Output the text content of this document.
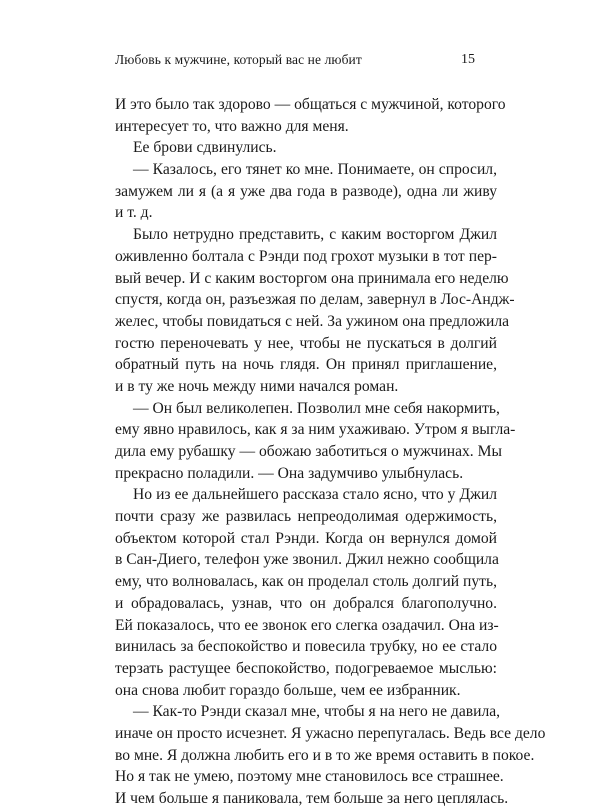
Любовь к мужчине, который вас не любит	15
И это было так здорово — общаться с мужчиной, которого
интересует то, что важно для меня.
Ее брови сдвинулись.
— Казалось, его тянет ко мне. Понимаете, он спросил,
замужем ли я (а я уже два года в разводе), одна ли живу
и т. д.
Было нетрудно представить, с каким восторгом Джил
оживленно болтала с Рэнди под грохот музыки в тот пер-
вый вечер. И с каким восторгом она принимала его неделю
спустя, когда он, разъезжая по делам, завернул в Лос-Андж-
желес, чтобы повидаться с ней. За ужином она предложила
гостю переночевать у нее, чтобы не пускаться в долгий
обратный путь на ночь глядя. Он принял приглашение,
и в ту же ночь между ними начался роман.
— Он был великолепен. Позволил мне себя накормить,
ему явно нравилось, как я за ним ухаживаю. Утром я выгла-
дила ему рубашку — обожаю заботиться о мужчинах. Мы
прекрасно поладили. — Она задумчиво улыбнулась.
Но из ее дальнейшего рассказа стало ясно, что у Джил
почти сразу же развилась непреодолимая одержимость,
объектом которой стал Рэнди. Когда он вернулся домой
в Сан-Диего, телефон уже звонил. Джил нежно сообщила
ему, что волновалась, как он проделал столь долгий путь,
и обрадовалась, узнав, что он добрался благополучно.
Ей показалось, что ее звонок его слегка озадачил. Она из-
винилась за беспокойство и повесила трубку, но ее стало
терзать растущее беспокойство, подогреваемое мыслью:
она снова любит гораздо больше, чем ее избранник.
— Как-то Рэнди сказал мне, чтобы я на него не давила,
иначе он просто исчезнет. Я ужасно перепугалась. Ведь все дело
во мне. Я должна любить его и в то же время оставить в покое.
Но я так не умею, поэтому мне становилось все страшнее.
И чем больше я паниковала, тем больше за него цеплялась.
